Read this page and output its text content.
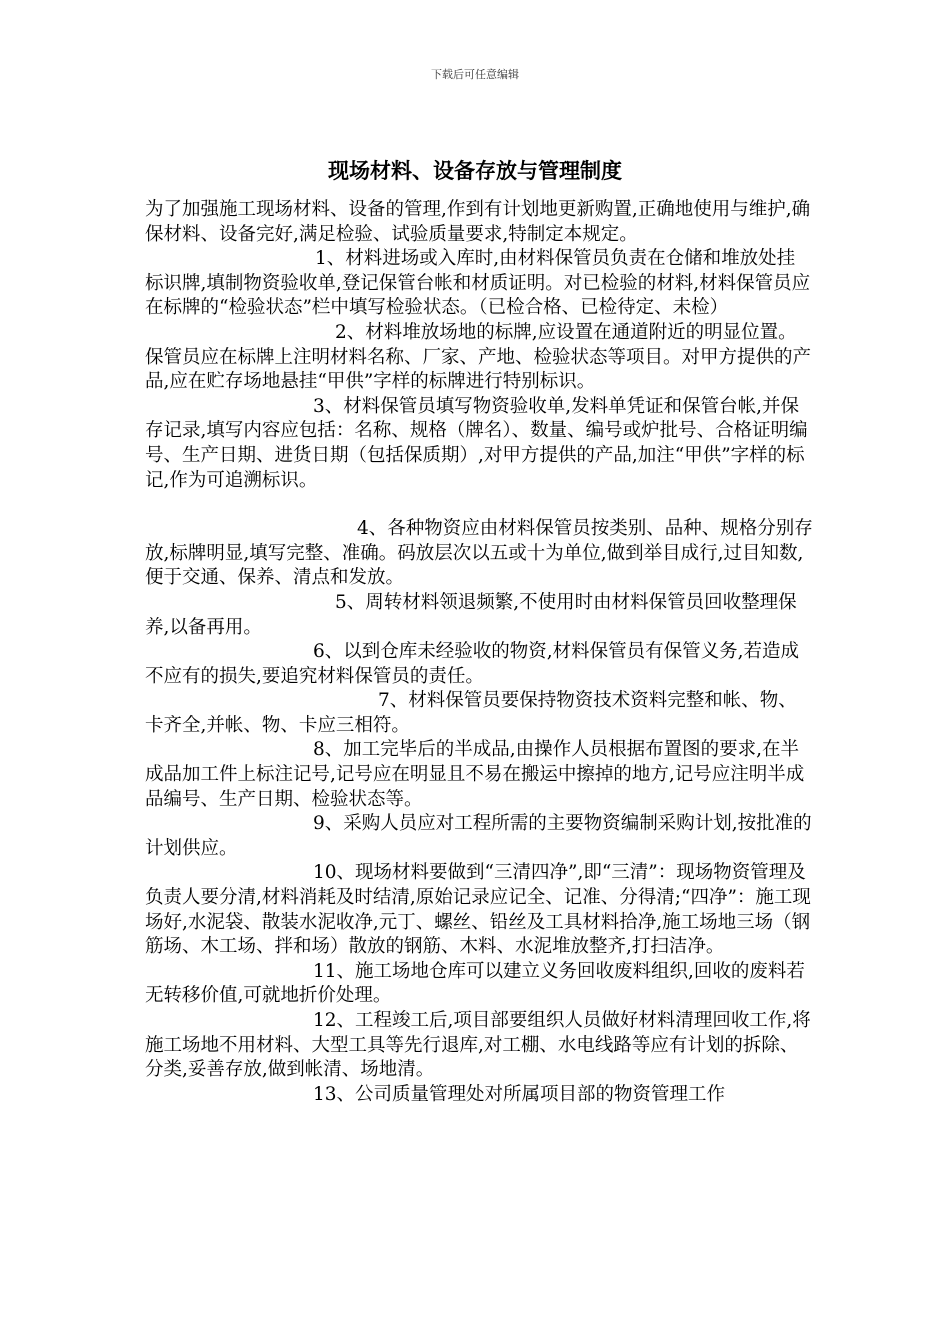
下载后可任意编辑
现场材料、设备存放与管理制度

为了加强施工现场材料、设备的管理,作到有计划地更新购置,正确地使用与维护,确保材料、设备完好,满足检验、试验质量要求,特制定本规定。

1、材料进场或入库时,由材料保管员负责在仓储和堆放处挂标识牌,填制物资验收单,登记保管台帐和材质证明。对已检验的材料,材料保管员应在标牌的“检验状态”栏中填写检验状态。（已检合格、已检待定、未检）

2、材料堆放场地的标牌,应设置在通道附近的明显位置。保管员应在标牌上注明材料名称、厂家、产地、检验状态等项目。对甲方提供的产品,应在贮存场地悬挂“甲供”字样的标牌进行特别标识。

3、材料保管员填写物资验收单,发料单凭证和保管台帐,并保存记录,填写内容应包括：名称、规格（牌名）、数量、编号或炉批号、合格证明编号、生产日期、进货日期（包括保质期）,对甲方提供的产品,加注“甲供”字样的标记,作为可追溯标识。

4、各种物资应由材料保管员按类别、品种、规格分别存放,标牌明显,填写完整、准确。码放层次以五或十为单位,做到举目成行,过目知数,便于交通、保养、清点和发放。

5、周转材料领退频繁,不使用时由材料保管员回收整理保养,以备再用。

6、以到仓库未经验收的物资,材料保管员有保管义务,若造成不应有的损失,要追究材料保管员的责任。

7、材料保管员要保持物资技术资料完整和帐、物、卡齐全,并帐、物、卡应三相符。

8、加工完毕后的半成品,由操作人员根据布置图的要求,在半成品加工件上标注记号,记号应在明显且不易在搬运中擦掉的地方,记号应注明半成品编号、生产日期、检验状态等。

9、采购人员应对工程所需的主要物资编制采购计划,按批准的计划供应。

10、现场材料要做到“三清四净”,即“三清”：现场物资管理及负责人要分清,材料消耗及时结清,原始记录应记全、记准、分得清;“四净”：施工现场好,水泥袋、散装水泥收净,元丁、螺丝、铅丝及工具材料拾净,施工场地三场（钢筋场、木工场、拌和场）散放的钢筋、木料、水泥堆放整齐,打扫洁净。

11、施工场地仓库可以建立义务回收废料组织,回收的废料若无转移价值,可就地折价处理。

12、工程竣工后,项目部要组织人员做好材料清理回收工作,将施工场地不用材料、大型工具等先行退库,对工棚、水电线路等应有计划的拆除、分类,妥善存放,做到帐清、场地清。

13、公司质量管理处对所属项目部的物资管理工作
